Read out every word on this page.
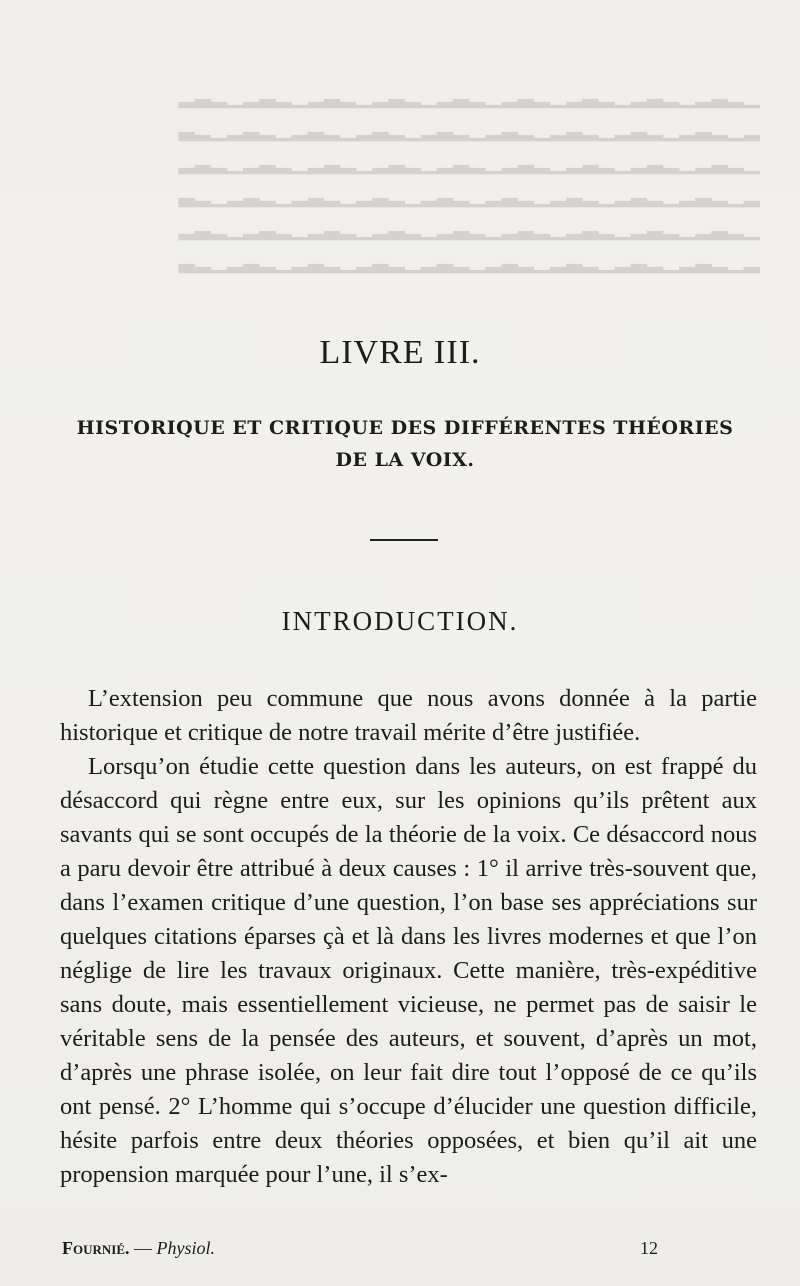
▁▂▃▂▁▂▃▂▁▂▃▂▁▂▃▂▁▂▃▂▁▂▃▂▁▂▃▂▁▂▃▂▁▂▃▂
▂▁▂▃▂▁▂▃▂▁▂▃▂▁▂▃▂▁▂▃▂▁▂▃▂▁▂▃▂▁▂▃▂▁▂▃
▁▂▃▂▁▂▃▂▁▂▃▂▁▂▃▂▁▂▃▂▁▂▃▂▁▂▃▂▁▂▃▂▁▂▃▂
▂▁▂▃▂▁▂▃▂▁▂▃▂▁▂▃▂▁▂▃▂▁▂▃▂▁▂▃▂▁▂▃▂▁▂▃
▁▂▃▂▁▂▃▂▁▂▃▂▁▂▃▂▁▂▃▂▁▂▃▂▁▂▃▂▁▂▃▂▁▂▃▂
▂▁▂▃▂▁▂▃▂▁▂▃▂▁▂▃▂▁▂▃▂▁▂▃▂▁▂▃▂▁▂▃▂▁▂▃
LIVRE III.
HISTORIQUE ET CRITIQUE DES DIFFÉRENTES THÉORIES DE LA VOIX.
INTRODUCTION.

L’extension peu commune que nous avons donnée à la partie historique et critique de notre travail mérite d’être justifiée.

Lorsqu’on étudie cette question dans les auteurs, on est frappé du désaccord qui règne entre eux, sur les opinions qu’ils prêtent aux savants qui se sont occupés de la théorie de la voix. Ce désaccord nous a paru devoir être attribué à deux causes : 1° il arrive très-souvent que, dans l’examen critique d’une question, l’on base ses appréciations sur quelques citations éparses çà et là dans les livres modernes et que l’on néglige de lire les travaux originaux. Cette manière, très-expéditive sans doute, mais essentiellement vicieuse, ne permet pas de saisir le véritable sens de la pensée des auteurs, et souvent, d’après un mot, d’après une phrase isolée, on leur fait dire tout l’opposé de ce qu’ils ont pensé. 2° L’homme qui s’occupe d’élucider une question difficile, hésite parfois entre deux théories opposées, et bien qu’il ait une propension marquée pour l’une, il s’ex-

Fournié. — Physiol.	12
